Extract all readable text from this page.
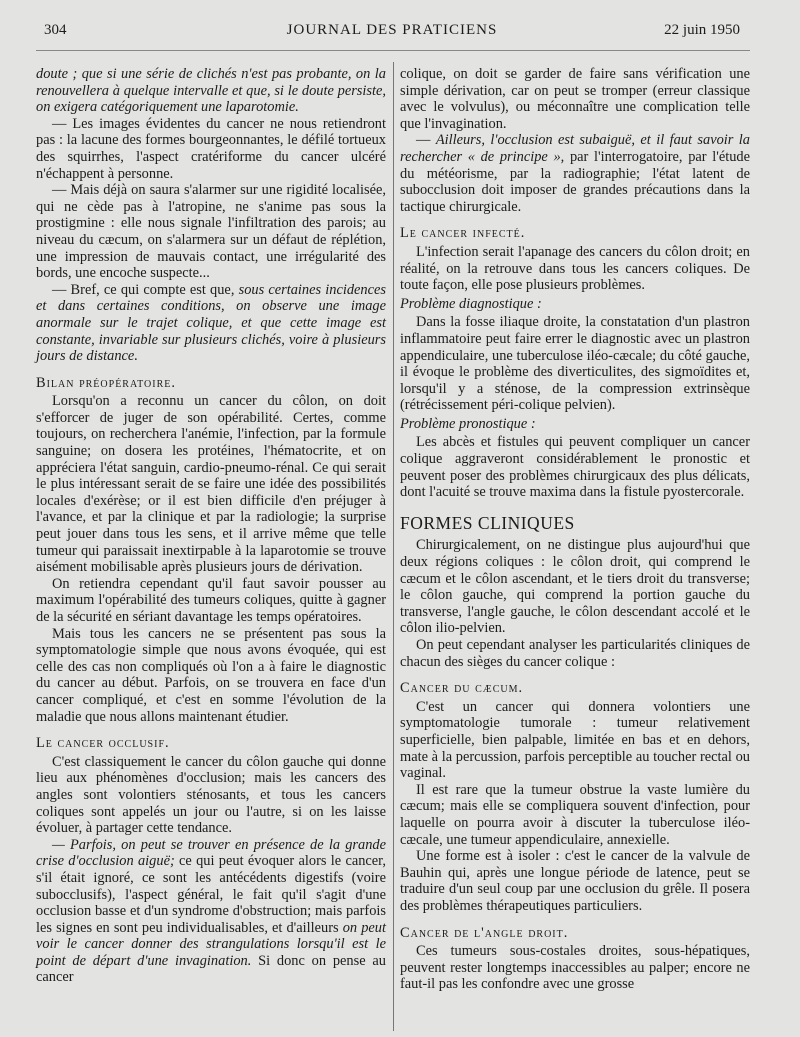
304	JOURNAL DES PRATICIENS	22 juin 1950

doute ; que si une série de clichés n'est pas probante, on la renouvellera à quelque intervalle et que, si le doute persiste, on exigera catégoriquement une laparotomie.

— Les images évidentes du cancer ne nous retiendront pas : la lacune des formes bourgeonnantes, le défilé tortueux des squirrhes, l'aspect cratériforme du cancer ulcéré n'échappent à personne.

— Mais déjà on saura s'alarmer sur une rigidité localisée, qui ne cède pas à l'atropine, ne s'anime pas sous la prostigmine : elle nous signale l'infiltration des parois; au niveau du cæcum, on s'alarmera sur un défaut de réplétion, une impression de mauvais contact, une irrégularité des bords, une encoche suspecte...

— Bref, ce qui compte est que, sous certaines incidences et dans certaines conditions, on observe une image anormale sur le trajet colique, et que cette image est constante, invariable sur plusieurs clichés, voire à plusieurs jours de distance.

Bilan préopératoire.

Lorsqu'on a reconnu un cancer du côlon, on doit s'efforcer de juger de son opérabilité. Certes, comme toujours, on recherchera l'anémie, l'infection, par la formule sanguine; on dosera les protéines, l'hématocrite, et on appréciera l'état sanguin, cardio-pneumo-rénal. Ce qui serait le plus intéressant serait de se faire une idée des possibilités locales d'exérèse; or il est bien difficile d'en préjuger à l'avance, et par la clinique et par la radiologie; la surprise peut jouer dans tous les sens, et il arrive même que telle tumeur qui paraissait inextirpable à la laparotomie se trouve aisément mobilisable après plusieurs jours de dérivation.

On retiendra cependant qu'il faut savoir pousser au maximum l'opérabilité des tumeurs coliques, quitte à gagner de la sécurité en sériant davantage les temps opératoires.

Mais tous les cancers ne se présentent pas sous la symptomatologie simple que nous avons évoquée, qui est celle des cas non compliqués où l'on a à faire le diagnostic du cancer au début. Parfois, on se trouvera en face d'un cancer compliqué, et c'est en somme l'évolution de la maladie que nous allons maintenant étudier.

Le cancer occlusif.

C'est classiquement le cancer du côlon gauche qui donne lieu aux phénomènes d'occlusion; mais les cancers des angles sont volontiers sténosants, et tous les cancers coliques sont appelés un jour ou l'autre, si on les laisse évoluer, à partager cette tendance.

— Parfois, on peut se trouver en présence de la grande crise d'occlusion aiguë; ce qui peut évoquer alors le cancer, s'il était ignoré, ce sont les antécédents digestifs (voire subocclusifs), l'aspect général, le fait qu'il s'agit d'une occlusion basse et d'un syndrome d'obstruction; mais parfois les signes en sont peu individualisables, et d'ailleurs on peut voir le cancer donner des strangulations lorsqu'il est le point de départ d'une invagination. Si donc on pense au cancer

colique, on doit se garder de faire sans vérification une simple dérivation, car on peut se tromper (erreur classique avec le volvulus), ou méconnaître une complication telle que l'invagination.

— Ailleurs, l'occlusion est subaiguë, et il faut savoir la rechercher « de principe », par l'interrogatoire, par l'étude du météorisme, par la radiographie; l'état latent de subocclusion doit imposer de grandes précautions dans la tactique chirurgicale.

Le cancer infecté.

L'infection serait l'apanage des cancers du côlon droit; en réalité, on la retrouve dans tous les cancers coliques. De toute façon, elle pose plusieurs problèmes.

Problème diagnostique :

Dans la fosse iliaque droite, la constatation d'un plastron inflammatoire peut faire errer le diagnostic avec un plastron appendiculaire, une tuberculose iléo-cæcale; du côté gauche, il évoque le problème des diverticulites, des sigmoïdites et, lorsqu'il y a sténose, de la compression extrinsèque (rétrécissement péri-colique pelvien).

Problème pronostique :

Les abcès et fistules qui peuvent compliquer un cancer colique aggraveront considérablement le pronostic et peuvent poser des problèmes chirurgicaux des plus délicats, dont l'acuité se trouve maxima dans la fistule pyostercorale.

FORMES CLINIQUES

Chirurgicalement, on ne distingue plus aujourd'hui que deux régions coliques : le côlon droit, qui comprend le cæcum et le côlon ascendant, et le tiers droit du transverse; le côlon gauche, qui comprend la portion gauche du transverse, l'angle gauche, le côlon descendant accolé et le côlon ilio-pelvien.

On peut cependant analyser les particularités cliniques de chacun des sièges du cancer colique :

Cancer du cæcum.

C'est un cancer qui donnera volontiers une symptomatologie tumorale : tumeur relativement superficielle, bien palpable, limitée en bas et en dehors, mate à la percussion, parfois perceptible au toucher rectal ou vaginal.

Il est rare que la tumeur obstrue la vaste lumière du cæcum; mais elle se compliquera souvent d'infection, pour laquelle on pourra avoir à discuter la tuberculose iléo-cæcale, une tumeur appendiculaire, annexielle.

Une forme est à isoler : c'est le cancer de la valvule de Bauhin qui, après une longue période de latence, peut se traduire d'un seul coup par une occlusion du grêle. Il posera des problèmes thérapeutiques particuliers.

Cancer de l'angle droit.

Ces tumeurs sous-costales droites, sous-hépatiques, peuvent rester longtemps inaccessibles au palper; encore ne faut-il pas les confondre avec une grosse
